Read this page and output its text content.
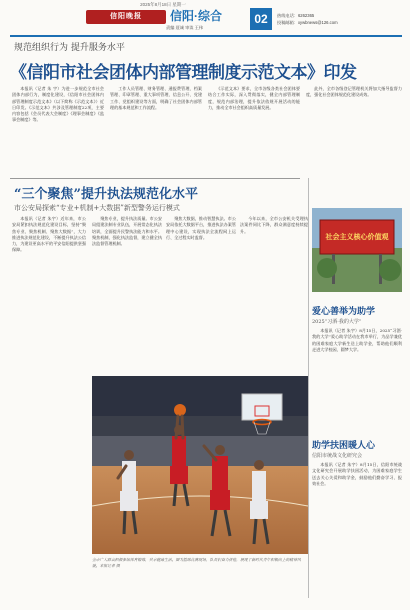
2025年8月18日 星期一
信阳晚报	信阳·综合
责编 聂诚 审读 王伟
02	热线电话：6262365
投稿邮箱：xywbnews@126.com
规范组织行为 提升服务水平
《信阳市社会团体内部管理制度示范文本》印发

本报讯（记者 朱 宇）为进一步规范全市社会团体内部行为，制度化建设，《信阳市社会团体内部管理制度示范文本》（以下简称《示范文本》）近日印发。《示范文本》共涉及管理制度22项，主要内容包括《会员代表大会制度》《理事会制度》《监事会制度》等。

工作人员管理、财务管理、通报费管理、档案管理、印章管理、重大事项管理、信息公开、党建工作、党组织建设等方面，明确了社会团体内部管理的基本规范和工作流程。

《示范文本》要求，全市各级各类社会团体要结合工作实际，深入贯彻落实，健全内部管理制度，规范内部治理，提升依法依规开展活动的能力，推动全市社会组织高质量发展。

此外，全市各级登记管理机关将加大指导监督力度，强化社会团体规范化建设成效。

“三个聚焦”提升执法规范化水平
市公安局探索“专业+机制+大数据”新型警务运行模式

本报讯（记者 朱宇）近年来，市公安局紧扣执法规范化建设目标，坚持“聚焦专业、聚焦机制、聚焦大数据”，大力推进执法规范化建设，不断提升执法公信力，为建设更高水平的平安信阳提供坚强保障。

聚焦专业，提升执法质量。市公安局组建法制专业队伍，开展常态化执法培训，全面提升民警执法能力和水平。聚焦机制，强化执法监督，建立健全执法监督管理机制。

聚焦大数据，推动智慧执法。市公安局依托大数据平台，推进执法办案管理中心建设，实现执法全流程网上运行、全过程实时监督。

今年以来，全市公安机关受理执法案件同比下降，群众满意度持续提升。

全市广大群众积极参加体育锻炼，共享健康生活。图为篮球比赛现场，队员们奋力拼抢，展现了新时代青年积极向上的精神风貌。本报记者 摄
社会主义核心价值观
爱心善举为助学
2025“习酒·我的大学”

本报讯（记者 朱宇）8月15日，2025“习酒·我的大学”爱心助学活动在我市举行，为品学兼优的困难家庭大学新生送上助学金，帮助他们顺利走进大学校园，圆梦大学。

助学扶困暖人心
信阳市统战文化研究会

本报讯（记者 朱宇）8月15日，信阳市统战文化研究会开展助学扶困活动，为困难家庭学生送去关心关爱和助学金，鼓励他们勤奋学习、报效社会。
